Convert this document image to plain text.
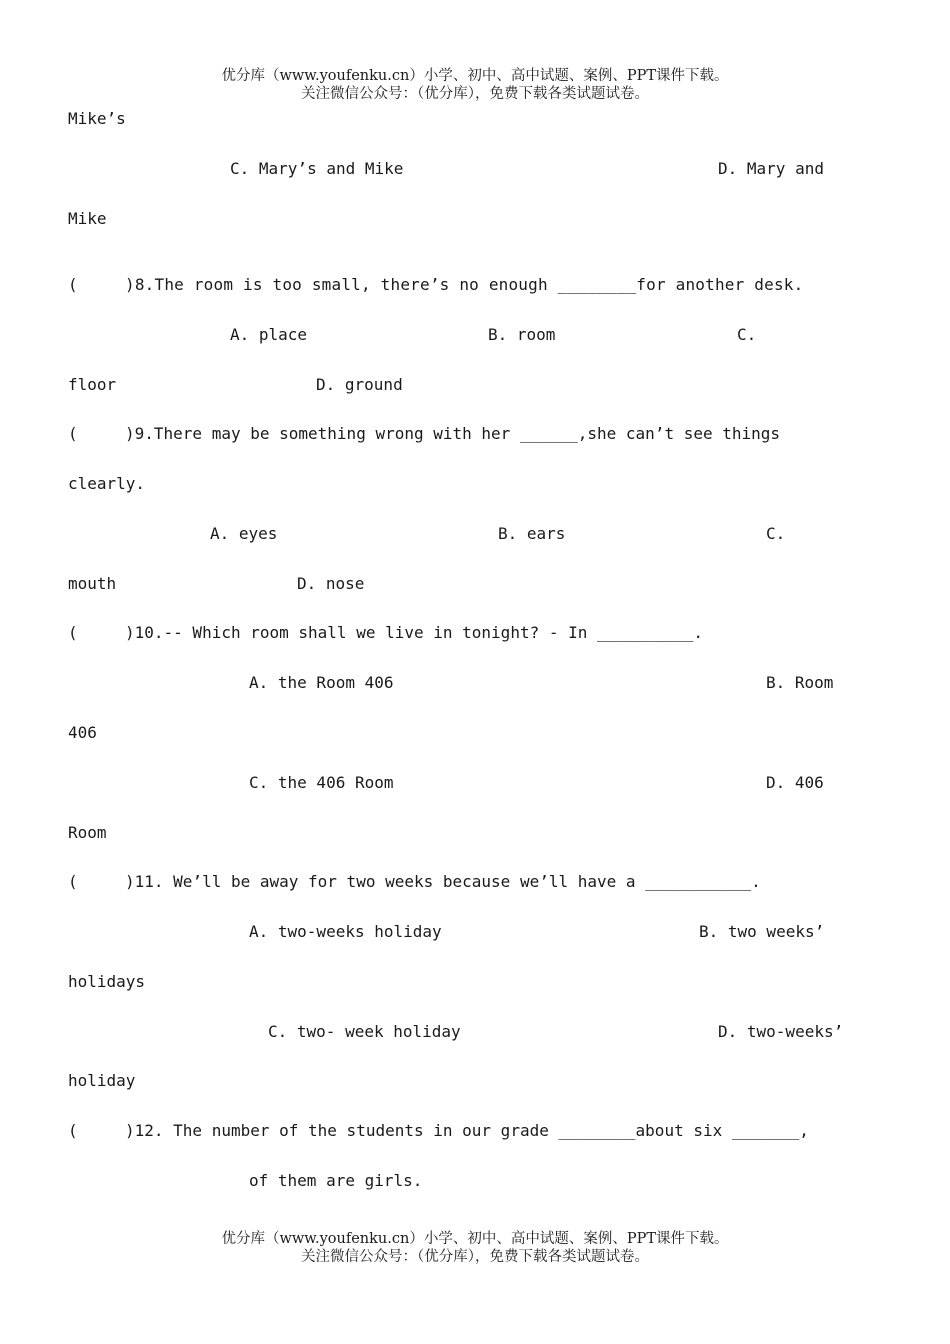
优分库（www.youfenku.cn）小学、初中、高中试题、案例、PPT课件下载。
关注微信公众号：（优分库），免费下载各类试题试卷。
Mike’s
C. Mary’s and Mike	D. Mary and
Mike
(	)8.The room is too small, there’s no enough ________for another desk.
A. place	B. room	C.
floor	D. ground
(	)9.There may be something wrong with her ______,she can’t see things
clearly.
A. eyes	B. ears	C.
mouth	D. nose
(	)10.-- Which room shall we live in tonight? - In __________.
A. the Room 406	B. Room
406
C. the 406 Room	D. 406
Room
(	)11. We’ll be away for two weeks because we’ll have a ___________.
A. two-weeks holiday	B. two weeks’
holidays
C. two- week holiday	D. two-weeks’
holiday
(	)12. The number of the students in our grade ________about six _______,
of them are girls.
优分库（www.youfenku.cn）小学、初中、高中试题、案例、PPT课件下载。
关注微信公众号：（优分库），免费下载各类试题试卷。
